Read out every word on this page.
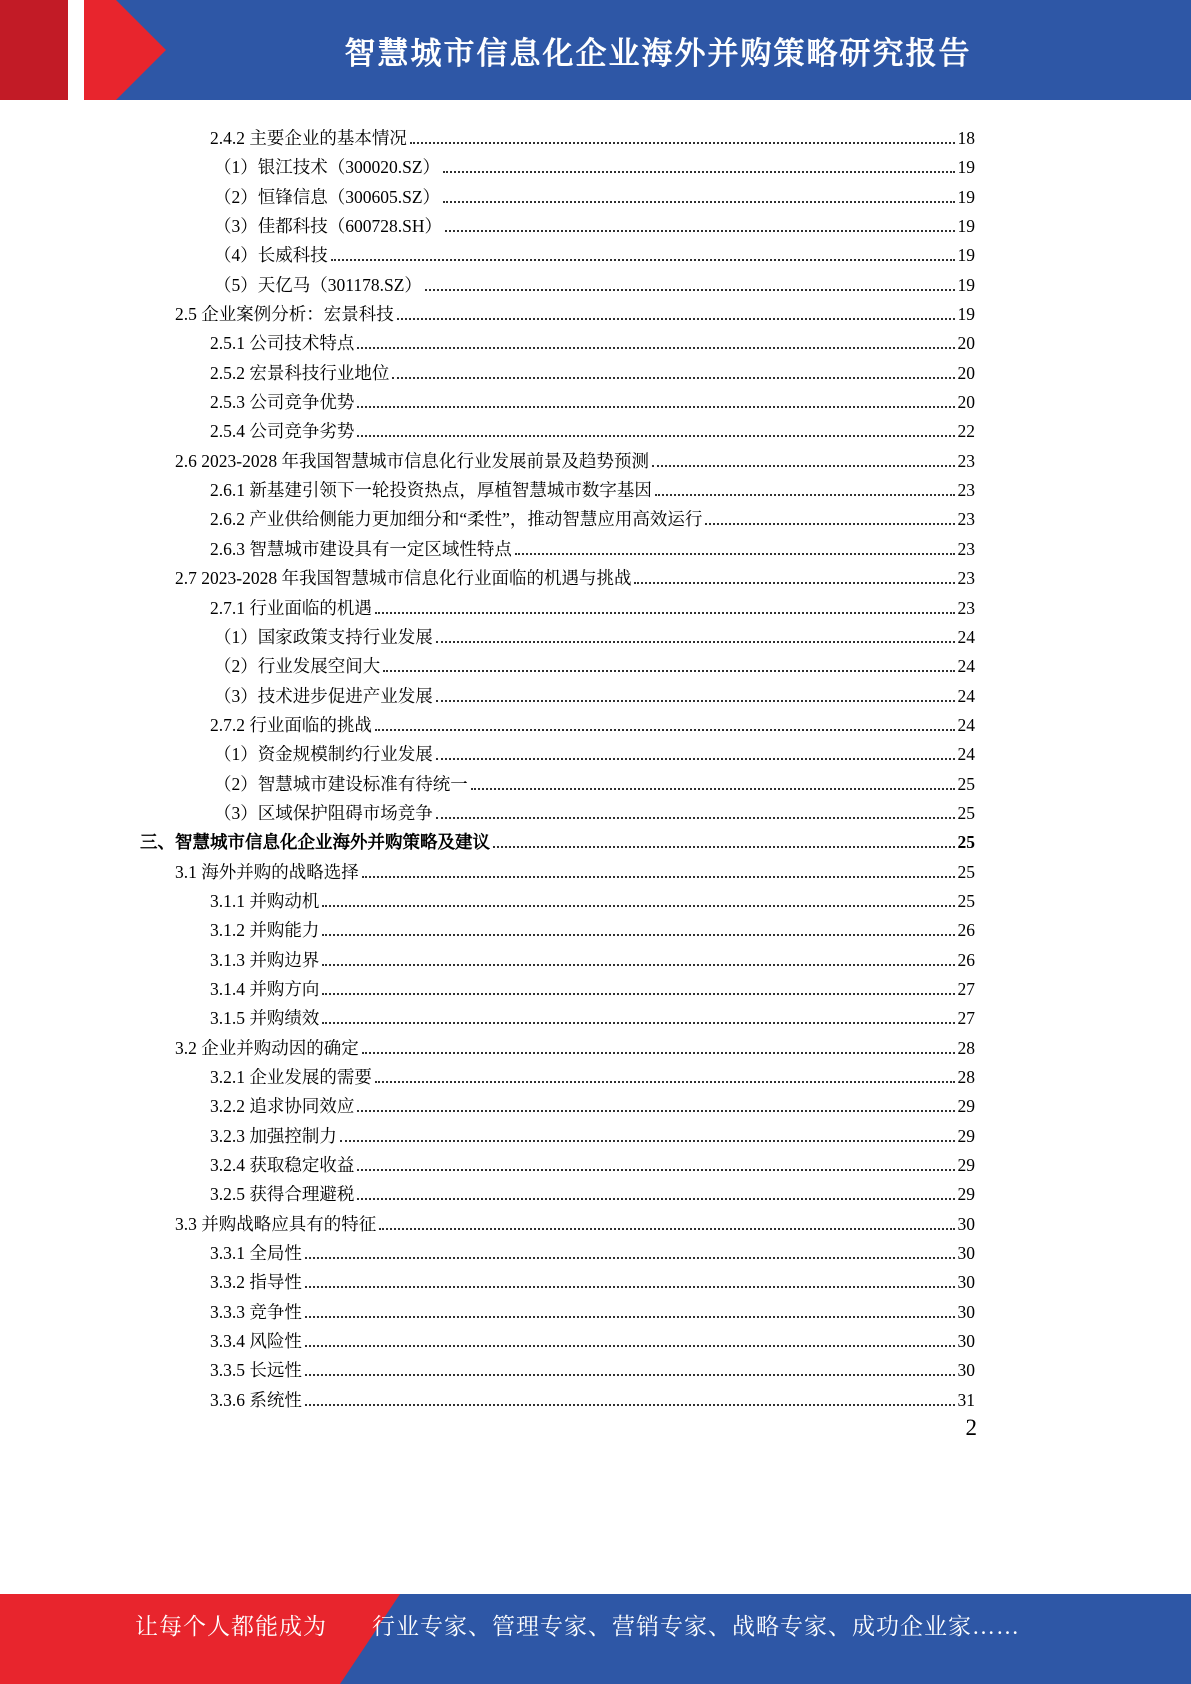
智慧城市信息化企业海外并购策略研究报告
2.4.2 主要企业的基本情况	18
（1）银江技术（300020.SZ）	19
（2）恒锋信息（300605.SZ）	19
（3）佳都科技（600728.SH）	19
（4）长威科技	19
（5）天亿马（301178.SZ）	19
2.5 企业案例分析：宏景科技	19
2.5.1 公司技术特点	20
2.5.2 宏景科技行业地位	20
2.5.3 公司竞争优势	20
2.5.4 公司竞争劣势	22
2.6 2023-2028 年我国智慧城市信息化行业发展前景及趋势预测	23
2.6.1 新基建引领下一轮投资热点，厚植智慧城市数字基因	23
2.6.2 产业供给侧能力更加细分和“柔性”，推动智慧应用高效运行	23
2.6.3 智慧城市建设具有一定区域性特点	23
2.7 2023-2028 年我国智慧城市信息化行业面临的机遇与挑战	23
2.7.1 行业面临的机遇	23
（1）国家政策支持行业发展	24
（2）行业发展空间大	24
（3）技术进步促进产业发展	24
2.7.2 行业面临的挑战	24
（1）资金规模制约行业发展	24
（2）智慧城市建设标准有待统一	25
（3）区域保护阻碍市场竞争	25
三、智慧城市信息化企业海外并购策略及建议	25
3.1 海外并购的战略选择	25
3.1.1 并购动机	25
3.1.2 并购能力	26
3.1.3 并购边界	26
3.1.4 并购方向	27
3.1.5 并购绩效	27
3.2 企业并购动因的确定	28
3.2.1 企业发展的需要	28
3.2.2 追求协同效应	29
3.2.3 加强控制力	29
3.2.4 获取稳定收益	29
3.2.5 获得合理避税	29
3.3 并购战略应具有的特征	30
3.3.1 全局性	30
3.3.2 指导性	30
3.3.3 竞争性	30
3.3.4 风险性	30
3.3.5 长远性	30
3.3.6 系统性	31
2
让每个人都能成为 行业专家、管理专家、营销专家、战略专家、成功企业家……
